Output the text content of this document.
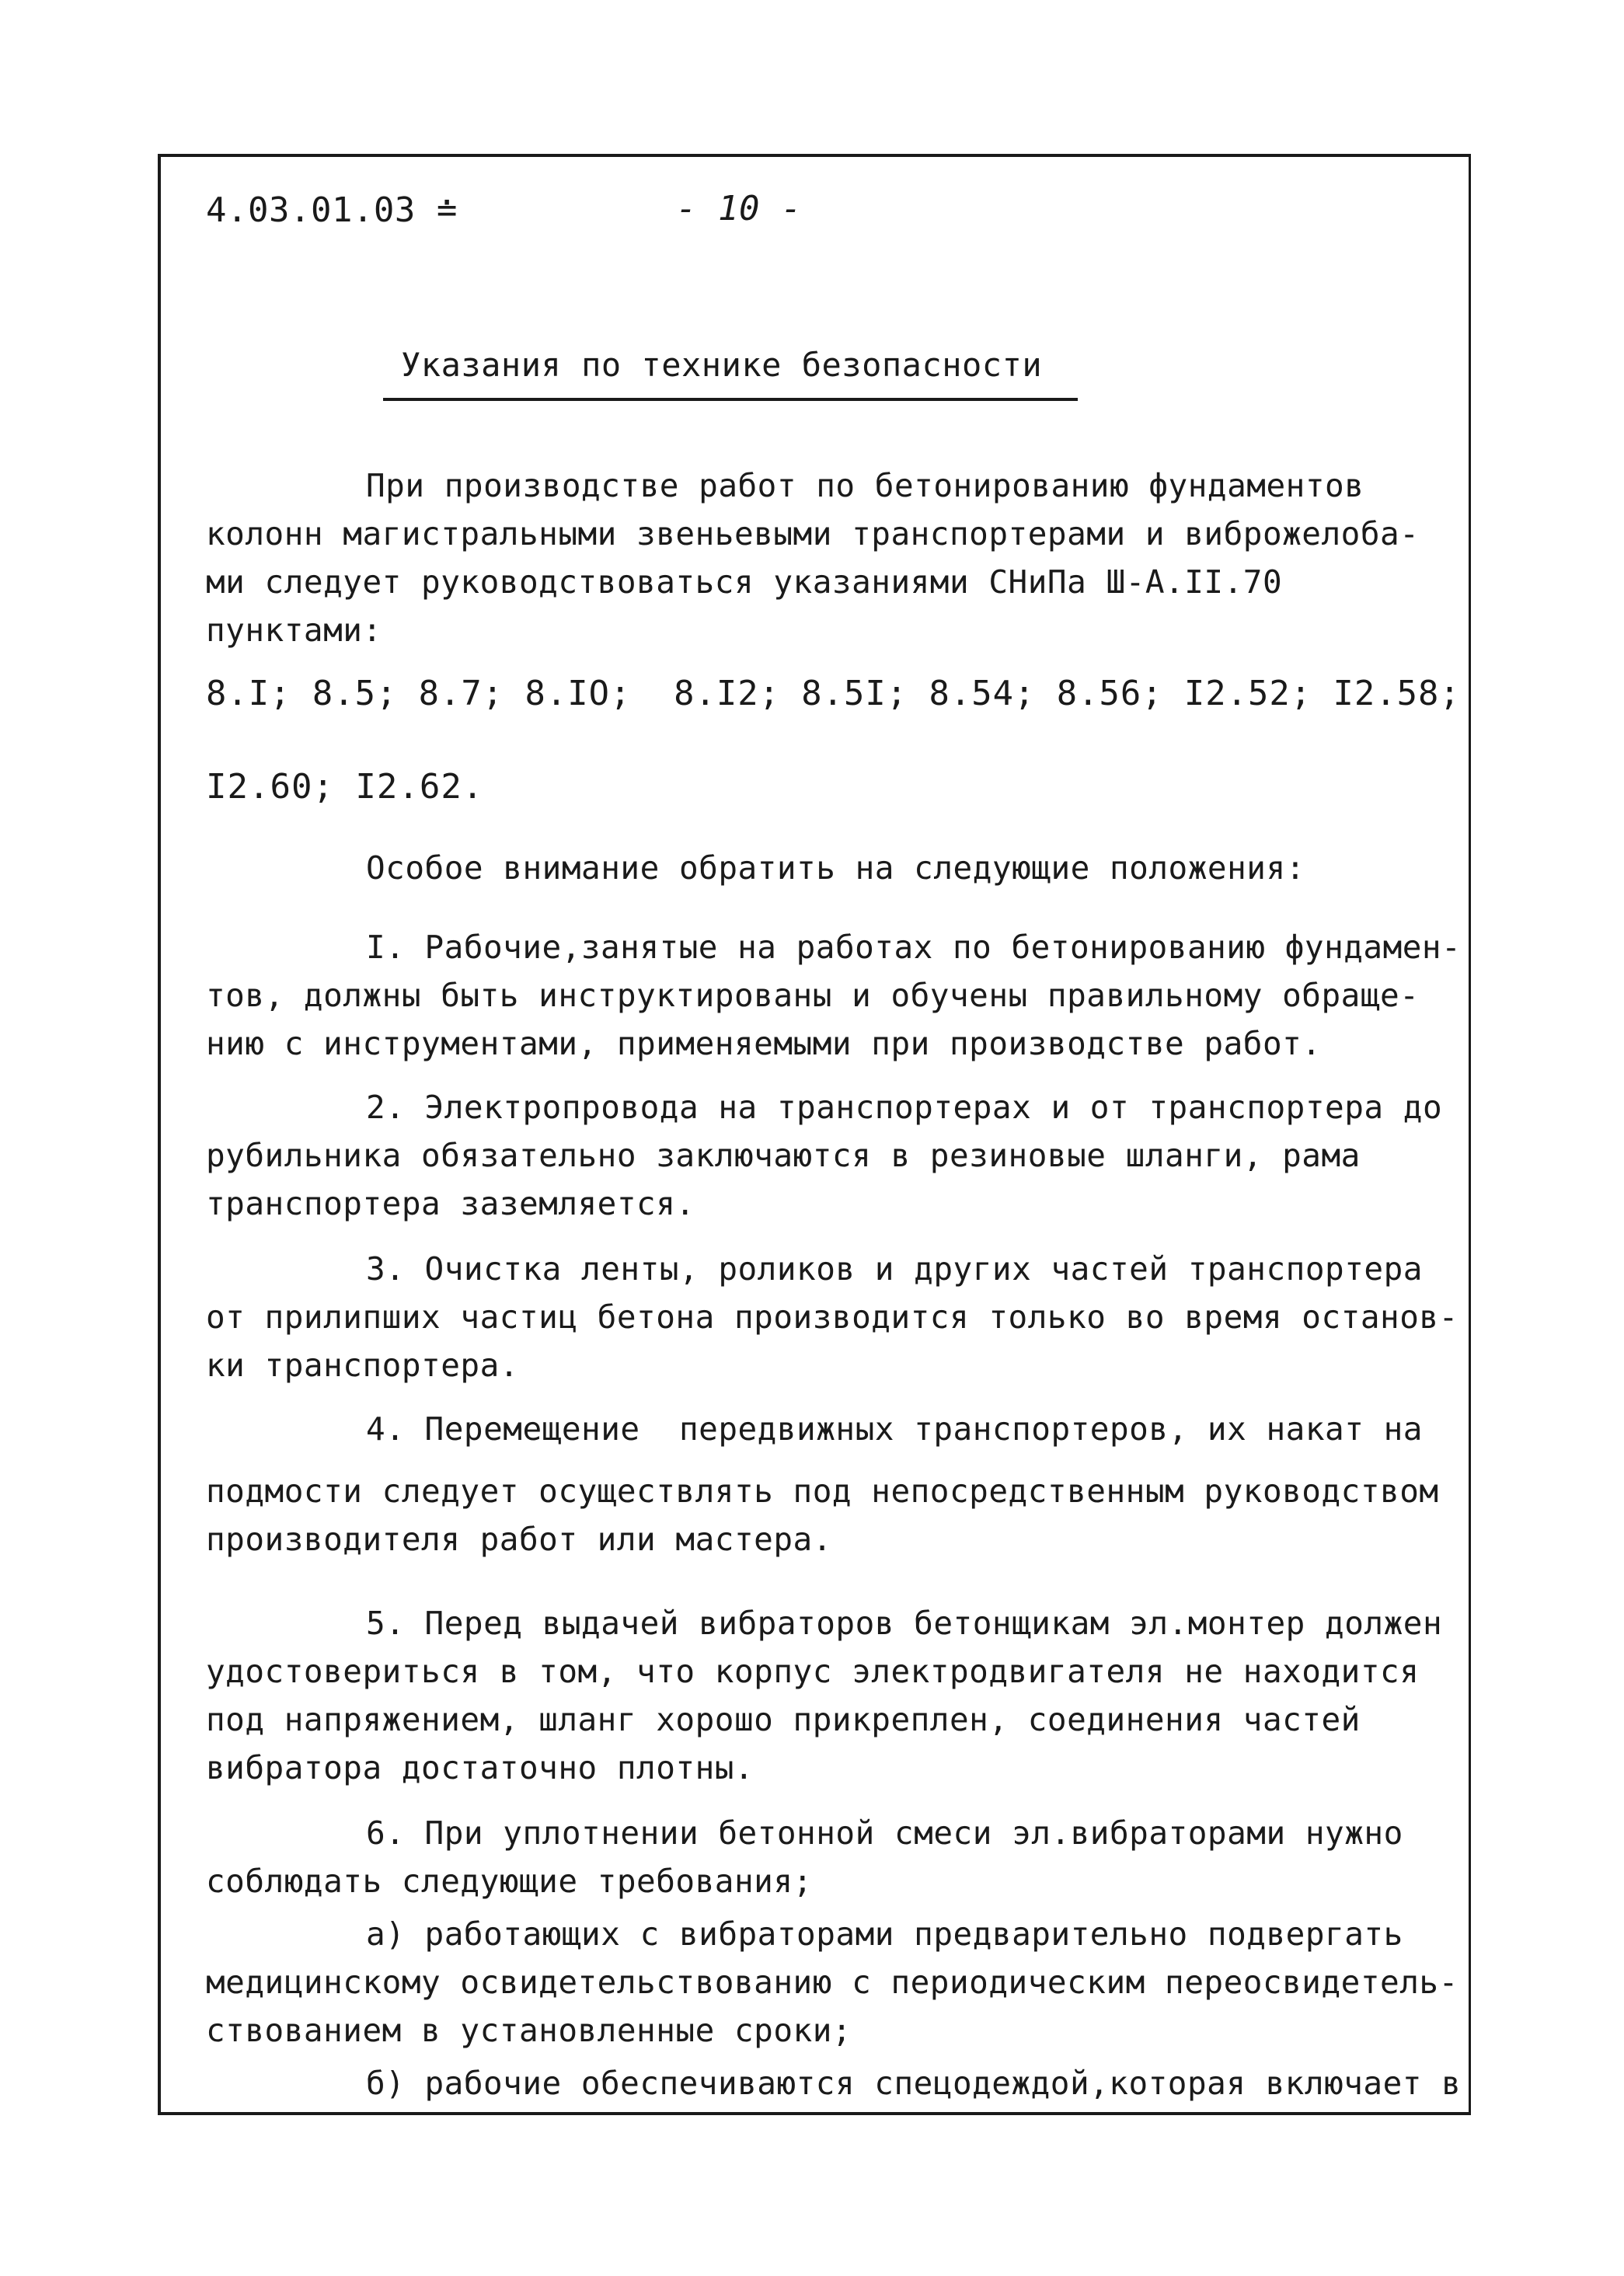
4.03.01.03 ≐	- 10 -
Указания по технике безопасности
При производстве работ по бетонированию фундаментов
колонн магистральными звеньевыми транспортерами и виброжелоба-
ми следует руководствоваться указаниями СНиПа Ш-А.II.70
пунктами:
8.I; 8.5; 8.7; 8.IO;  8.I2; 8.5I; 8.54; 8.56; I2.52; I2.58;
I2.60; I2.62.
Особое внимание обратить на следующие положения:
I. Рабочие,занятые на работах по бетонированию фундамен-
тов, должны быть инструктированы и обучены правильному обраще-
нию с инструментами, применяемыми при производстве работ.
2. Электропровода на транспортерах и от транспортера до
рубильника обязательно заключаются в резиновые шланги, рама
транспортера заземляется.
3. Очистка ленты, роликов и других частей транспортера
от прилипших частиц бетона производится только во время останов-
ки транспортера.
4. Перемещение  передвижных транспортеров, их накат на
подмости следует осуществлять под непосредственным руководством
производителя работ или мастера.
5. Перед выдачей вибраторов бетонщикам эл.монтер должен
удостовериться в том, что корпус электродвигателя не находится
под напряжением, шланг хорошо прикреплен, соединения частей
вибратора достаточно плотны.
6. При уплотнении бетонной смеси эл.вибраторами нужно
соблюдать следующие требования;
а) работающих с вибраторами предварительно подвергать
медицинскому освидетельствованию с периодическим переосвидетель-
ствованием в установленные сроки;
б) рабочие обеспечиваются спецодеждой,которая включает в
